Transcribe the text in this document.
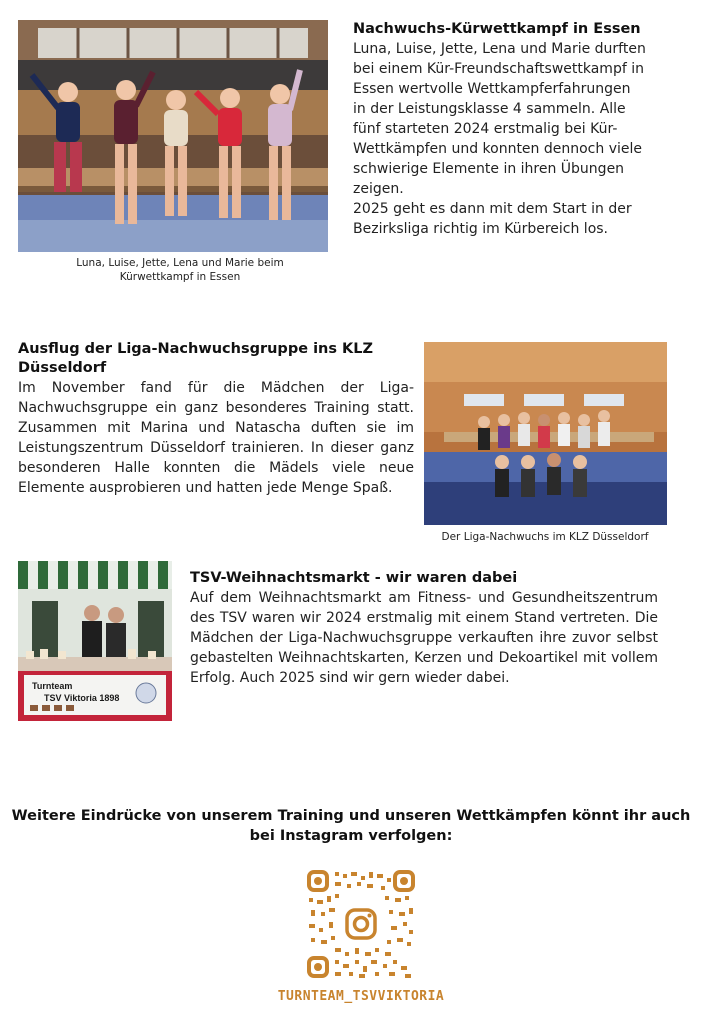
Luna, Luise, Jette, Lena und Marie beim
Kürwettkampf in Essen
Nachwuchs-Kürwettkampf in Essen
Luna, Luise, Jette, Lena und Marie durften
bei einem Kür-Freundschaftswettkampf in
Essen wertvolle Wettkampferfahrungen
in der Leistungsklasse 4 sammeln. Alle
fünf starteten 2024 erstmalig bei Kür-
Wettkämpfen und konnten dennoch viele
schwierige Elemente in ihren Übungen
zeigen.
2025 geht es dann mit dem Start in der
Bezirksliga richtig im Kürbereich los.
Ausflug der Liga-Nachwuchsgruppe ins KLZ
Düsseldorf

Im November fand für die Mädchen der Liga-Nachwuchsgruppe ein ganz besonderes Training statt. Zusammen mit Marina und Natascha duften sie im Leistungszentrum Düsseldorf trainieren. In dieser ganz besonderen Halle konnten die Mädels viele neue Elemente ausprobieren und hatten jede Menge Spaß.

Der Liga-Nachwuchs im KLZ Düsseldorf
Turnteam
TSV Viktoria 1898
TSV-Weihnachtsmarkt - wir waren dabei

Auf dem Weihnachtsmarkt am Fitness- und Gesundheitszentrum des TSV waren wir 2024 erstmalig mit einem Stand vertreten. Die Mädchen der Liga-Nachwuchsgruppe verkauften ihre zuvor selbst gebastelten Weihnachtskarten, Kerzen und Dekoartikel mit vollem Erfolg. Auch 2025 sind wir gern wieder dabei.

Weitere Eindrücke von unserem Training und unseren Wettkämpfen könnt ihr auch
bei Instagram verfolgen:
TURNTEAM_TSVVIKTORIA
